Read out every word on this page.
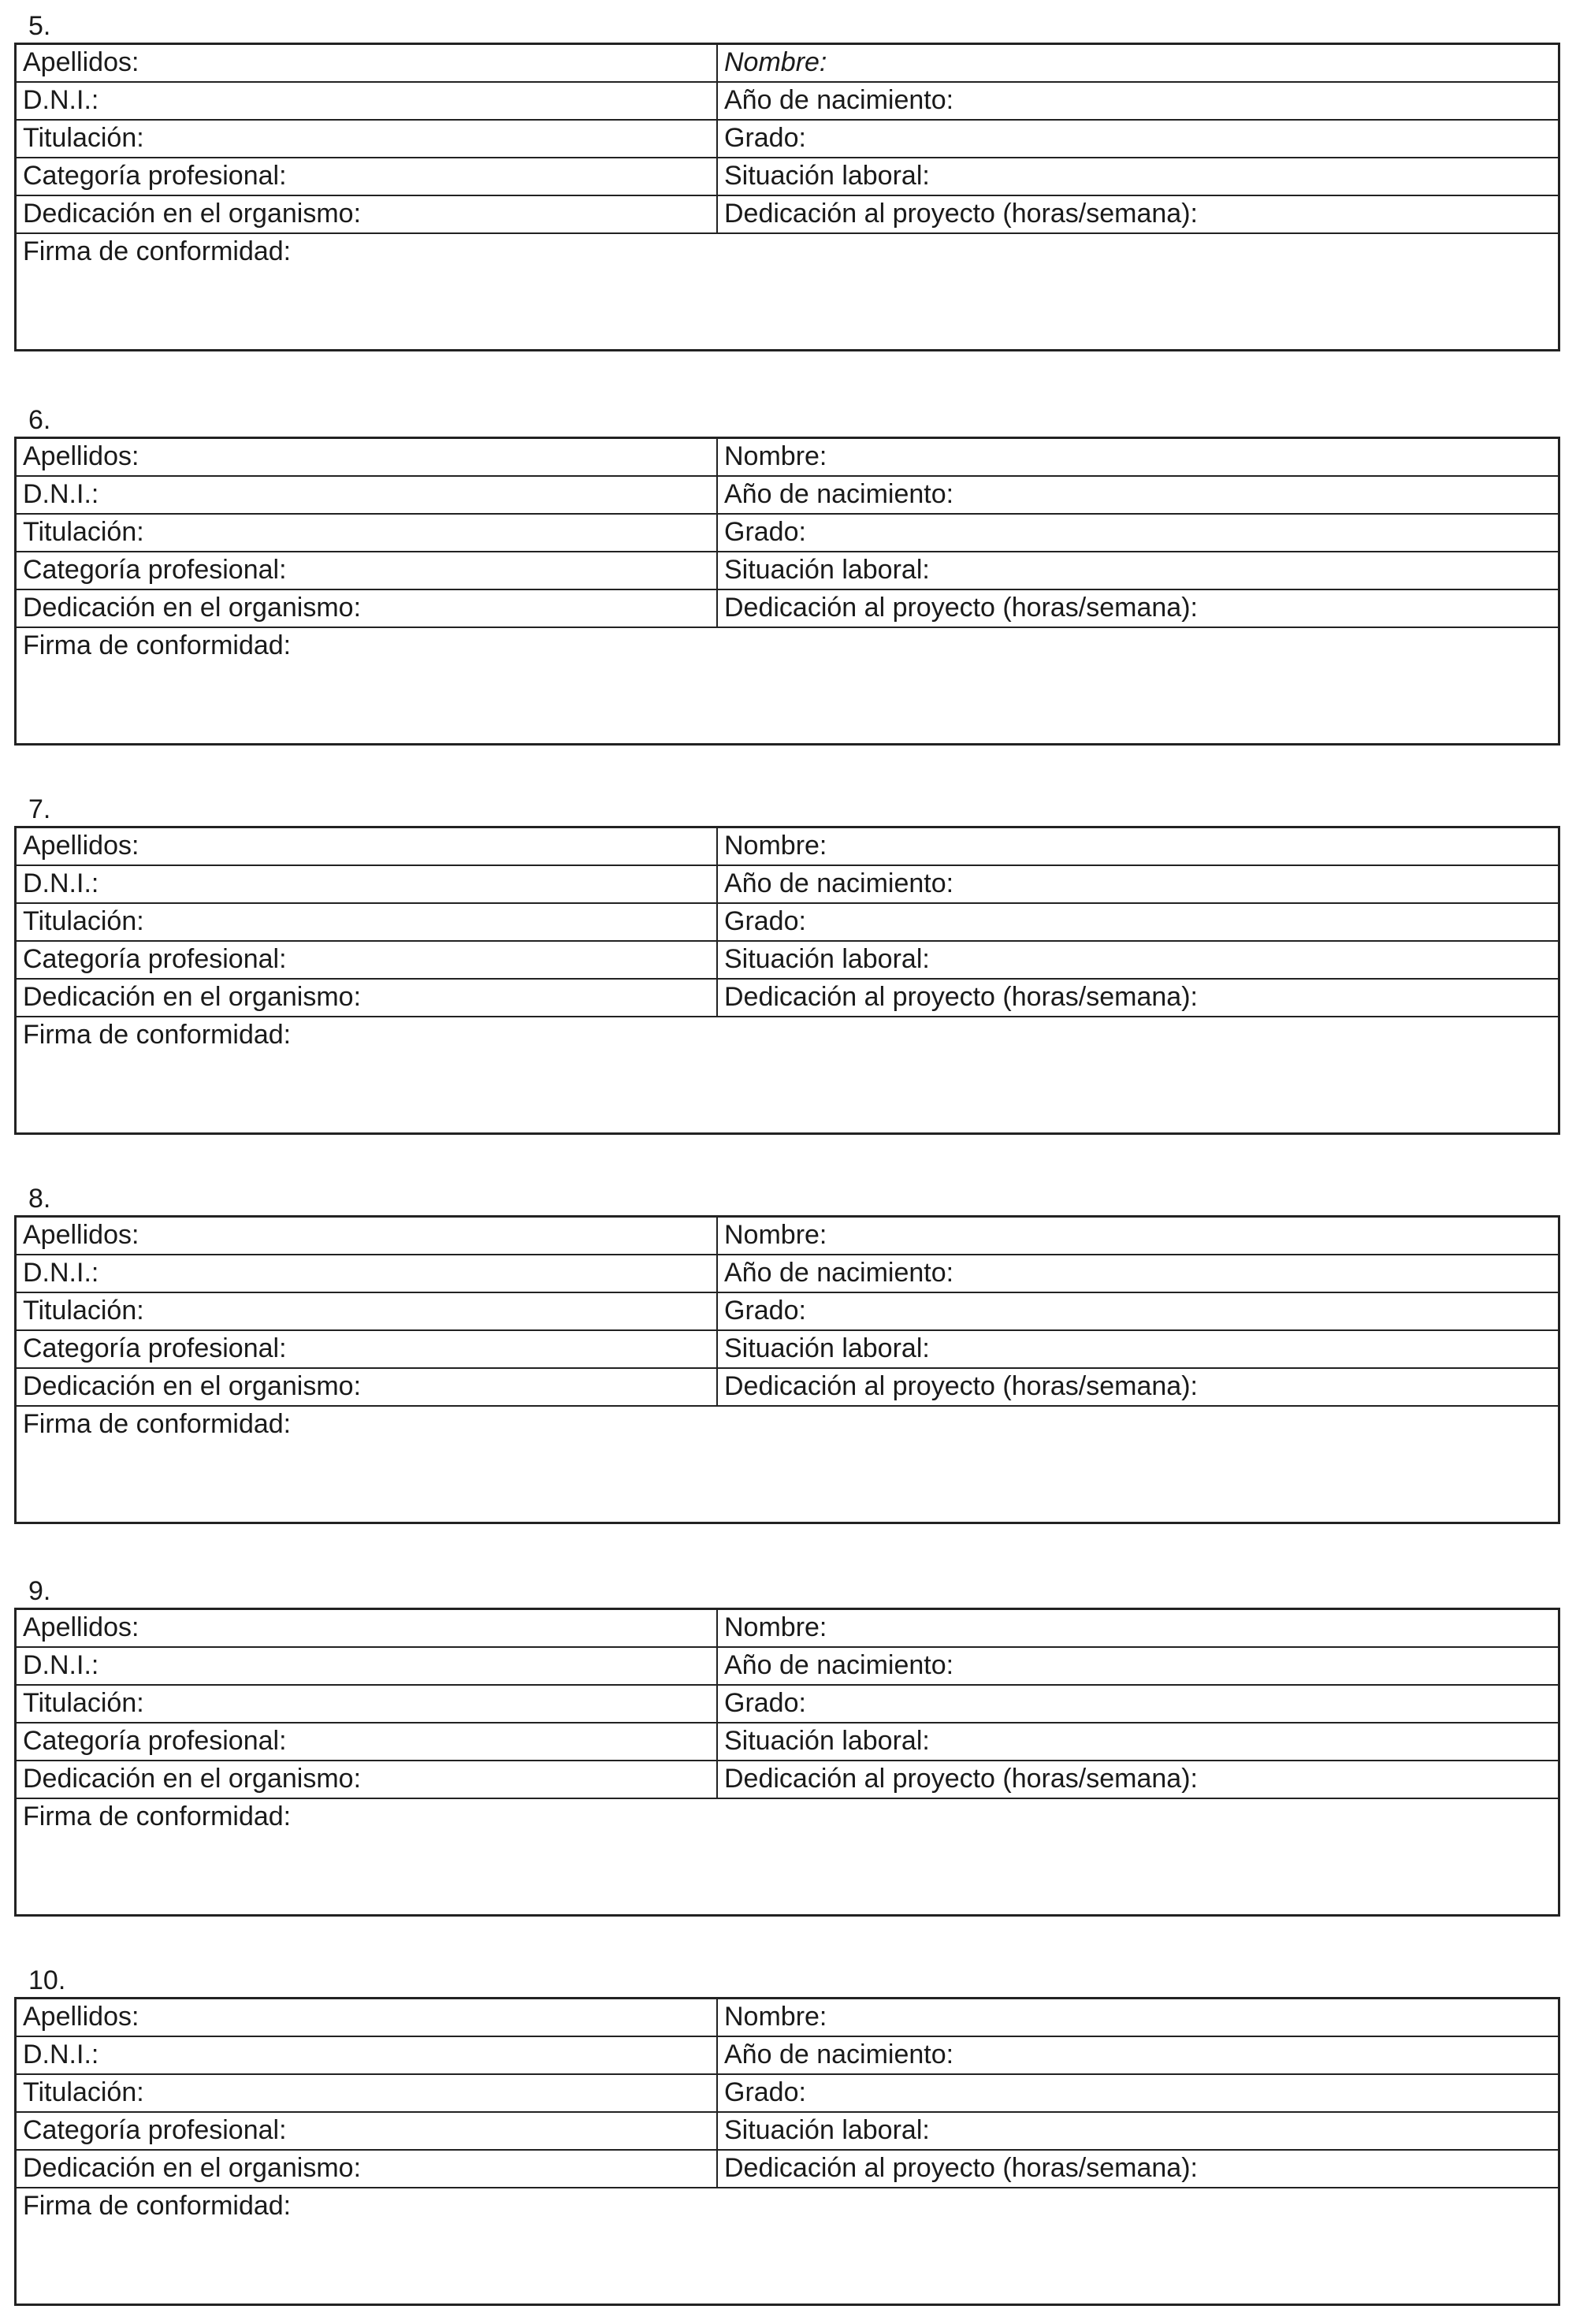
5.
Apellidos:	Nombre:
D.N.I.:	Año de nacimiento:
Titulación:	Grado:
Categoría profesional:	Situación laboral:
Dedicación en el organismo:	Dedicación al proyecto (horas/semana):
Firma de conformidad:
6.
Apellidos:	Nombre:
D.N.I.:	Año de nacimiento:
Titulación:	Grado:
Categoría profesional:	Situación laboral:
Dedicación en el organismo:	Dedicación al proyecto (horas/semana):
Firma de conformidad:
7.
Apellidos:	Nombre:
D.N.I.:	Año de nacimiento:
Titulación:	Grado:
Categoría profesional:	Situación laboral:
Dedicación en el organismo:	Dedicación al proyecto (horas/semana):
Firma de conformidad:
8.
Apellidos:	Nombre:
D.N.I.:	Año de nacimiento:
Titulación:	Grado:
Categoría profesional:	Situación laboral:
Dedicación en el organismo:	Dedicación al proyecto (horas/semana):
Firma de conformidad:
9.
Apellidos:	Nombre:
D.N.I.:	Año de nacimiento:
Titulación:	Grado:
Categoría profesional:	Situación laboral:
Dedicación en el organismo:	Dedicación al proyecto (horas/semana):
Firma de conformidad:
10.
Apellidos:	Nombre:
D.N.I.:	Año de nacimiento:
Titulación:	Grado:
Categoría profesional:	Situación laboral:
Dedicación en el organismo:	Dedicación al proyecto (horas/semana):
Firma de conformidad:
